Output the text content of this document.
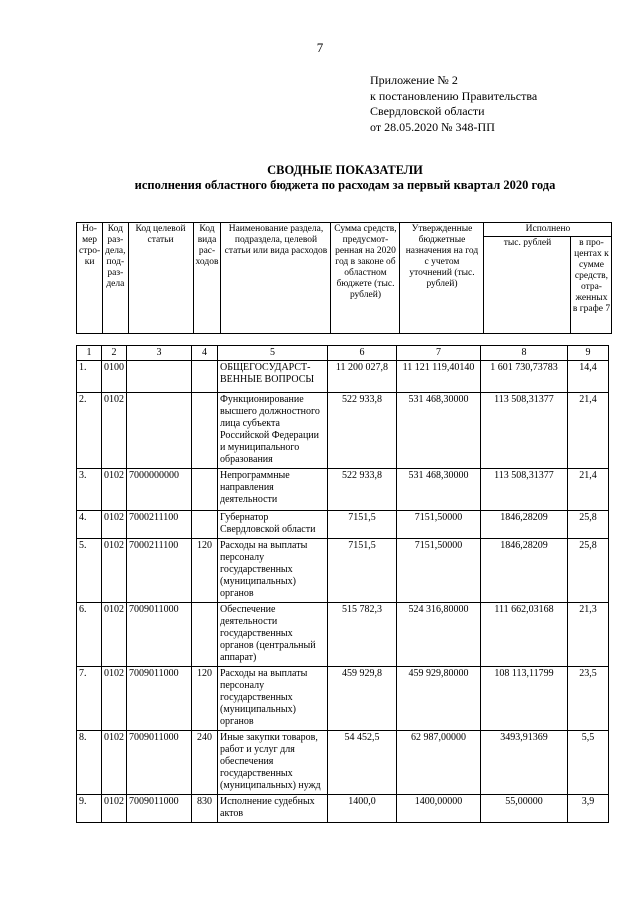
7
Приложение № 2
к постановлению Правительства
Свердловской области
от 28.05.2020 № 348-ПП
СВОДНЫЕ ПОКАЗАТЕЛИ
исполнения областного бюджета по расходам за первый квартал 2020 года
Но-мер стро-ки	Код раз-дела, под-раз-дела	Код целевой статьи	Код вида рас-ходов	Наименование раздела, подраздела, целевой статьи или вида расходов	Сумма средств, предусмот-ренная на 2020 год в законе об областном бюджете (тыс. рублей)	Утвержденные бюджетные назначения на год с учетом уточнений (тыс. рублей)	Исполнено	
							тыс. рублей	в про-центах к сумме средств, отра-женных в графе 7
1	2	3	4	5	6	7	8	9
1.	0100			ОБЩЕГОСУДАРСТ-ВЕННЫЕ ВОПРОСЫ	11 200 027,8	11 121 119,40140	1 601 730,73783	14,4
2.	0102			Функционирование высшего должностного лица субъекта Российской Федерации и муниципального образования	522 933,8	531 468,30000	113 508,31377	21,4
3.	0102	7000000000		Непрограммные направления деятельности	522 933,8	531 468,30000	113 508,31377	21,4
4.	0102	7000211100		Губернатор Свердловской области	7151,5	7151,50000	1846,28209	25,8
5.	0102	7000211100	120	Расходы на выплаты персоналу государственных (муниципальных) органов	7151,5	7151,50000	1846,28209	25,8
6.	0102	7009011000		Обеспечение деятельности государственных органов (центральный аппарат)	515 782,3	524 316,80000	111 662,03168	21,3
7.	0102	7009011000	120	Расходы на выплаты персоналу государственных (муниципальных) органов	459 929,8	459 929,80000	108 113,11799	23,5
8.	0102	7009011000	240	Иные закупки товаров, работ и услуг для обеспечения государственных (муниципальных) нужд	54 452,5	62 987,00000	3493,91369	5,5
9.	0102	7009011000	830	Исполнение судебных актов	1400,0	1400,00000	55,00000	3,9
